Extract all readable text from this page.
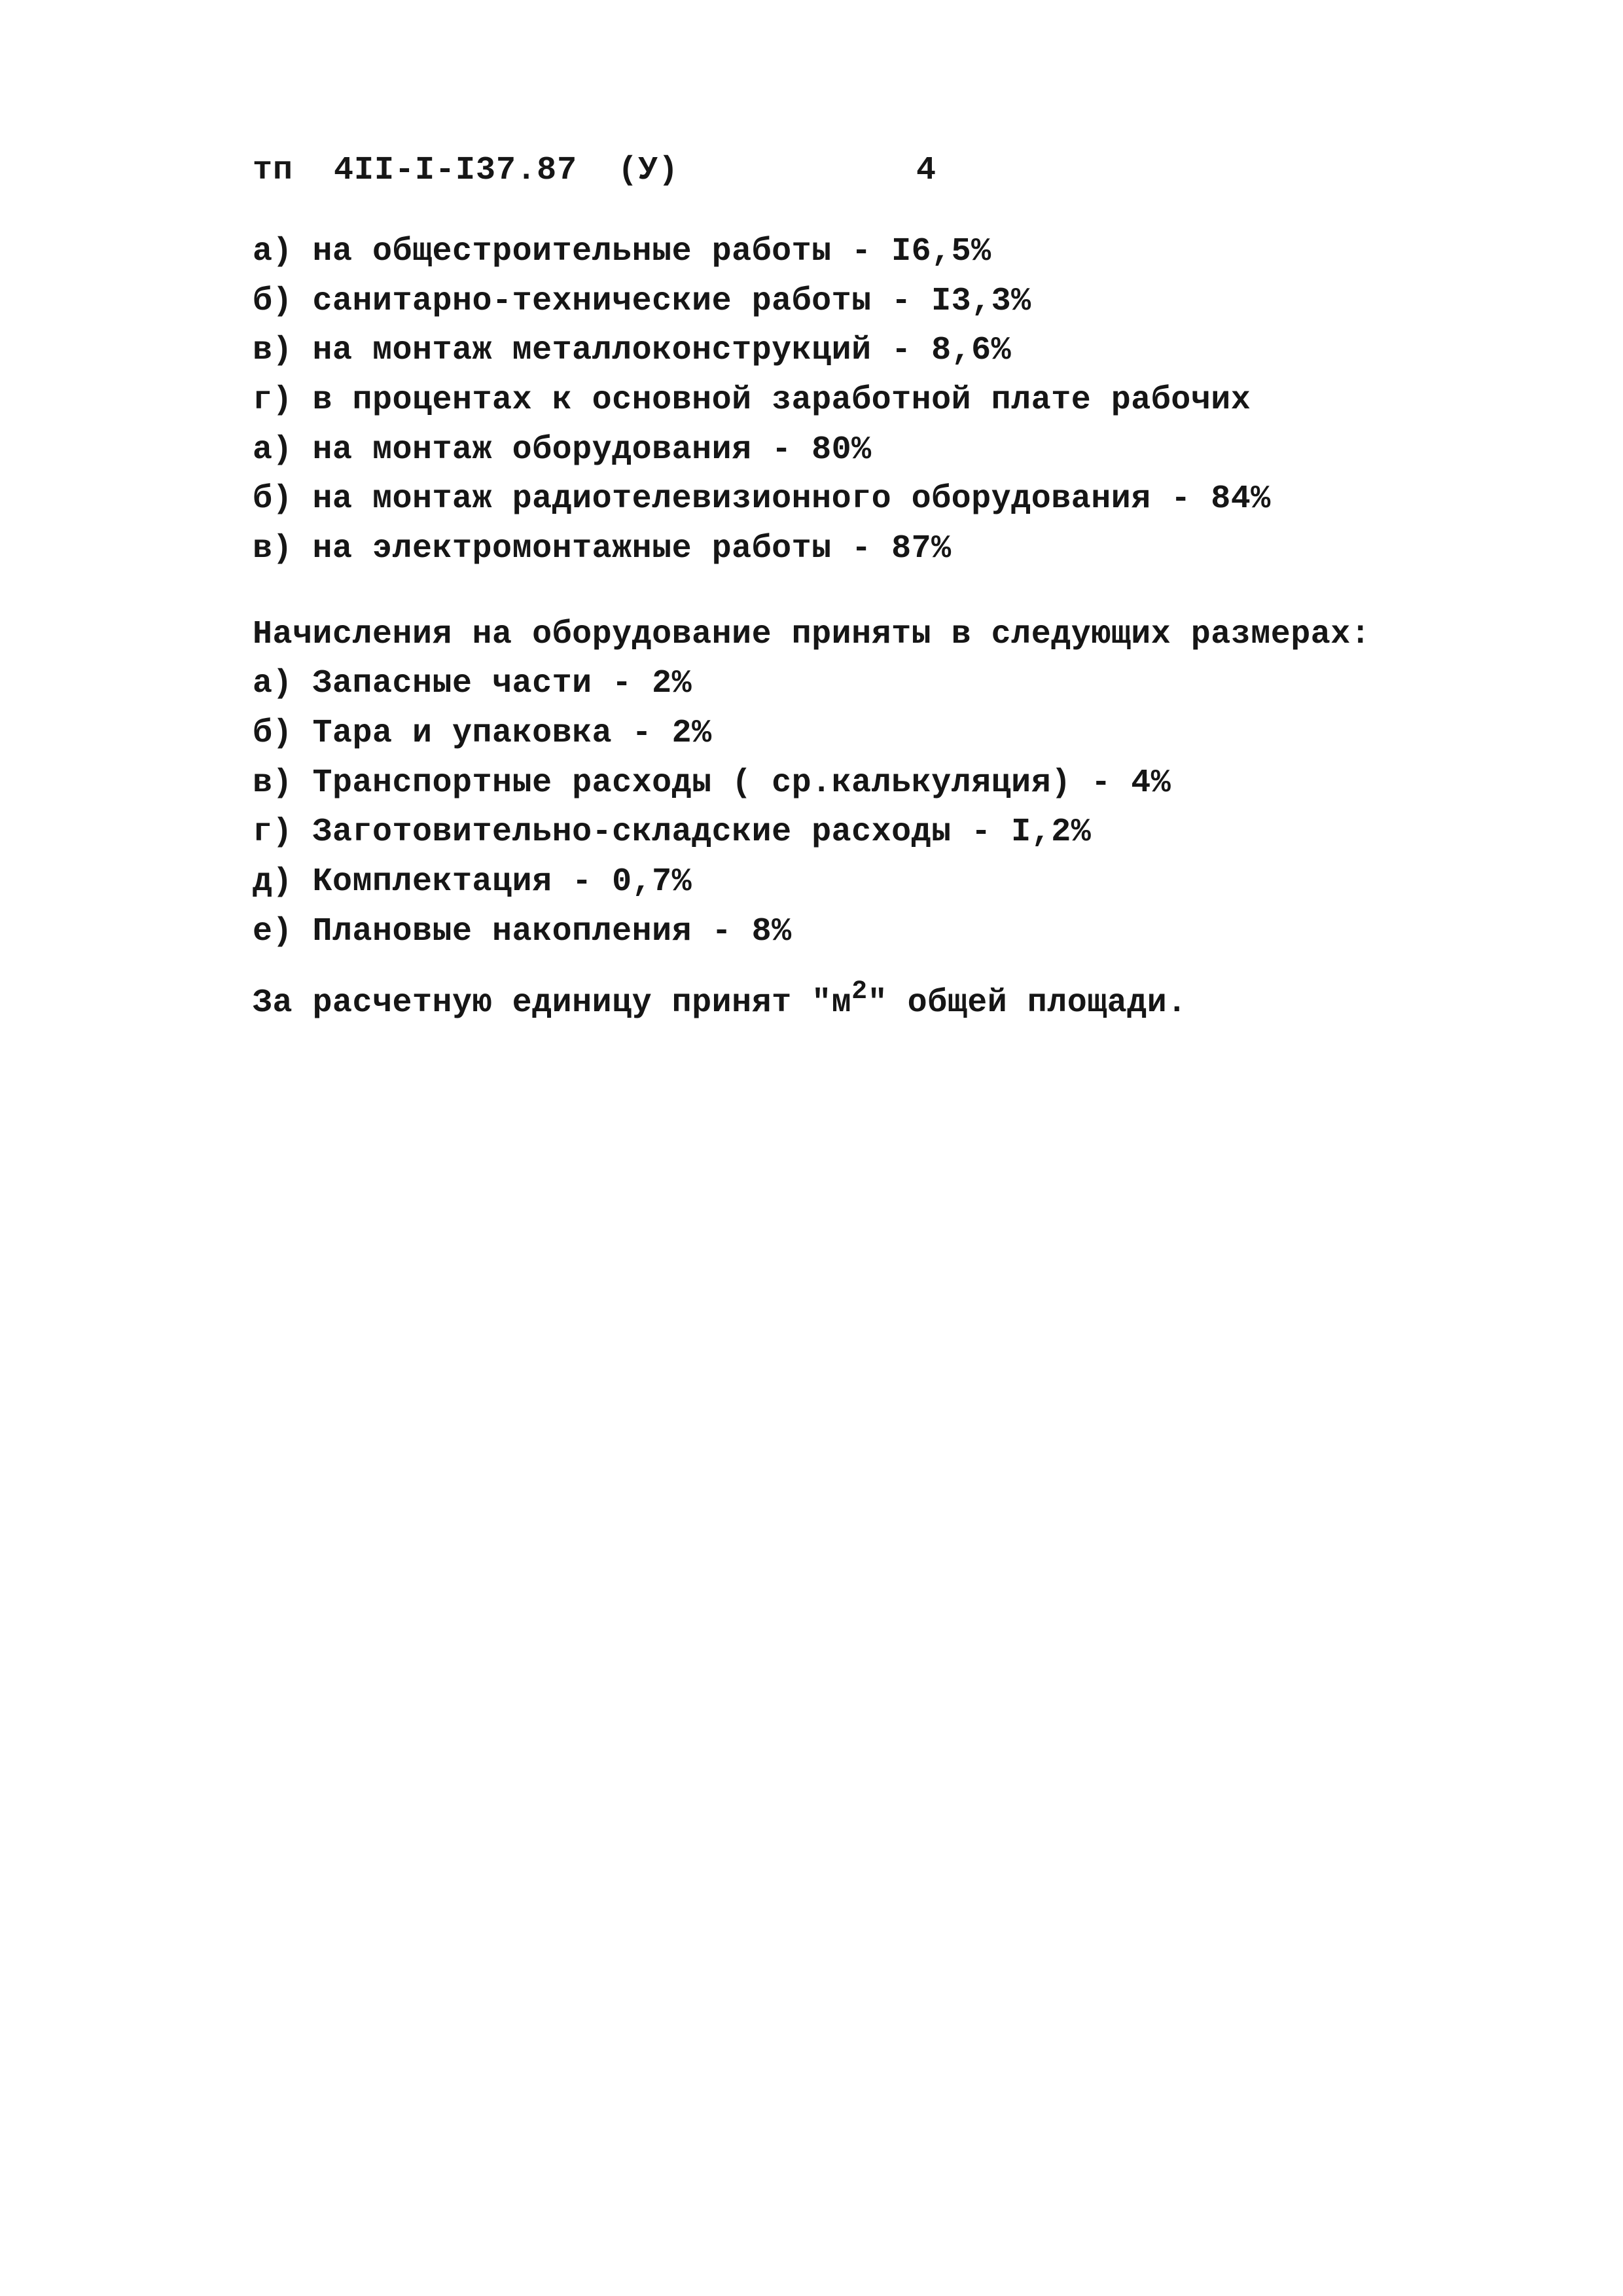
тп  4II-I-I37.87  (У)	4
а) на общестроительные работы - I6,5%
б) санитарно-технические работы - I3,3%
в) на монтаж металлоконструкций - 8,6%
г) в процентах к основной заработной плате рабочих
а) на монтаж оборудования - 80%
б) на монтаж радиотелевизионного оборудования - 84%
в) на электромонтажные работы - 87%
Начисления на оборудование приняты в следующих размерах:
а) Запасные части - 2%
б) Тара и упаковка - 2%
в) Транспортные расходы ( ср.калькуляция) - 4%
г) Заготовительно-складские расходы - I,2%
д) Комплектация - 0,7%
е) Плановые накопления - 8%
За расчетную единицу принят "$м^2$" общей площади.
